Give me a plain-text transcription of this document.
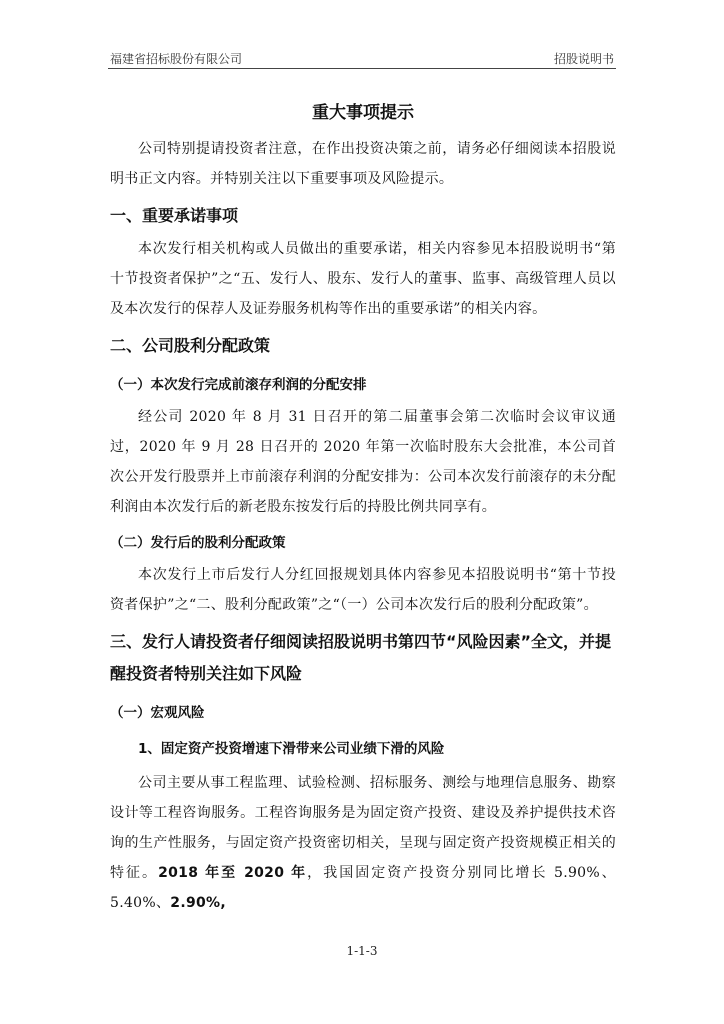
福建省招标股份有限公司	招股说明书
重大事项提示

公司特别提请投资者注意，在作出投资决策之前，请务必仔细阅读本招股说明书正文内容。并特别关注以下重要事项及风险提示。

一、重要承诺事项

本次发行相关机构或人员做出的重要承诺，相关内容参见本招股说明书“第十节投资者保护”之“五、发行人、股东、发行人的董事、监事、高级管理人员以及本次发行的保荐人及证券服务机构等作出的重要承诺”的相关内容。

二、公司股利分配政策
（一）本次发行完成前滚存利润的分配安排

经公司 2020 年 8 月 31 日召开的第二届董事会第二次临时会议审议通过，2020 年 9 月 28 日召开的 2020 年第一次临时股东大会批准，本公司首次公开发行股票并上市前滚存利润的分配安排为：公司本次发行前滚存的未分配利润由本次发行后的新老股东按发行后的持股比例共同享有。

（二）发行后的股利分配政策

本次发行上市后发行人分红回报规划具体内容参见本招股说明书“第十节投资者保护”之“二、股利分配政策”之“（一）公司本次发行后的股利分配政策”。

三、发行人请投资者仔细阅读招股说明书第四节“风险因素”全文，并提醒投资者特别关注如下风险
（一）宏观风险
1、固定资产投资增速下滑带来公司业绩下滑的风险

公司主要从事工程监理、试验检测、招标服务、测绘与地理信息服务、勘察设计等工程咨询服务。工程咨询服务是为固定资产投资、建设及养护提供技术咨询的生产性服务，与固定资产投资密切相关，呈现与固定资产投资规模正相关的特征。2018 年至 2020 年，我国固定资产投资分别同比增长 5.90%、5.40%、2.90%,

1-1-3
